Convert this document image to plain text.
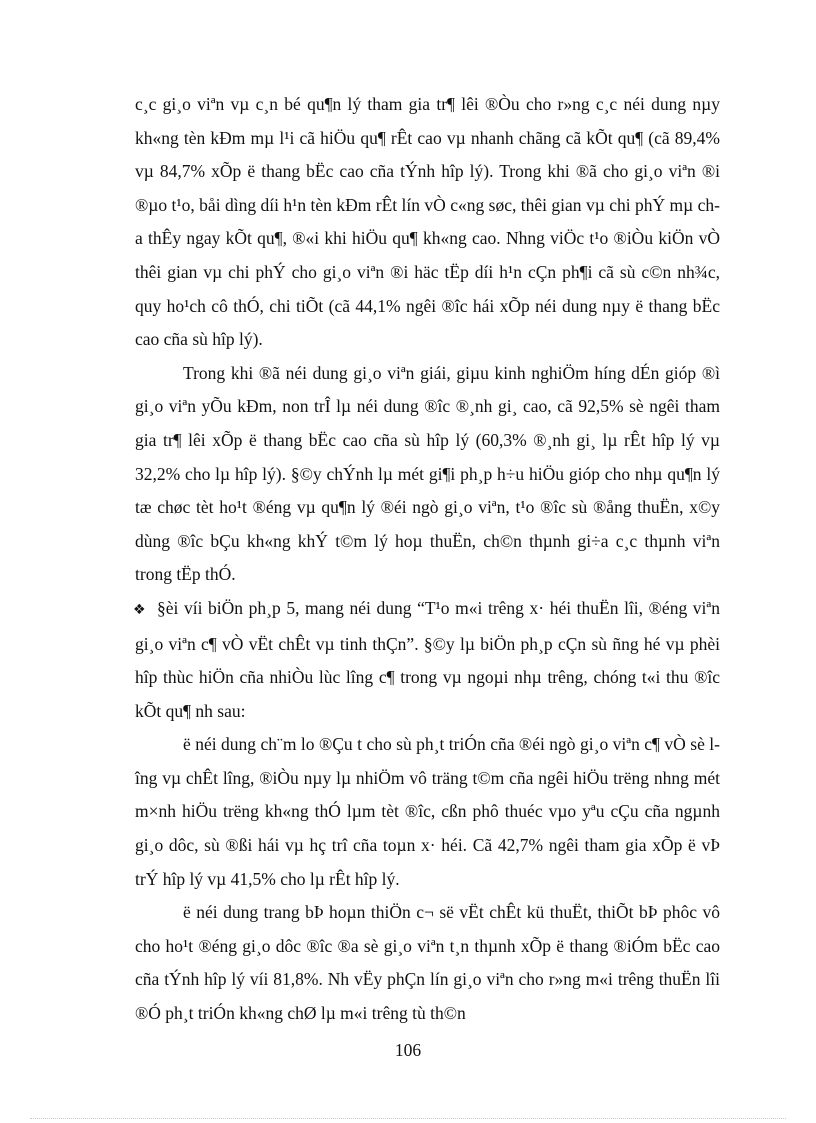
c¸c gi¸o viªn vµ c¸n bé qu¶n lý tham gia tr¶ lêi ®Òu cho r»ng c¸c néi dung nµy kh«ng tèn kÐm mµ l¹i cã hiÖu qu¶ rÊt cao vµ nhanh chãng cã kÕt qu¶ (cã 89,4% vµ 84,7% xÕp ë thang bËc cao cña tÝnh hîp lý). Trong khi ®ã cho gi¸o viªn ®i ®µo t¹o, båi dìng díi h¹n tèn kÐm rÊt lín vÒ c«ng søc, thêi gian vµ chi phÝ mµ cha thÊy ngay kÕt qu¶, ®«i khi hiÖu qu¶ kh«ng cao. Nhng viÖc t¹o ®iÒu kiÖn vÒ thêi gian vµ chi phÝ cho gi¸o viªn ®i häc tËp díi h¹n cÇn ph¶i cã sù c©n nh¾c, quy ho¹ch cô thÓ, chi tiÕt (cã 44,1% ngêi ®îc hái xÕp néi dung nµy ë thang bËc cao cña sù hîp lý).

Trong khi ®ã néi dung gi¸o viªn giái, giµu kinh nghiÖm híng dÉn gióp ®ì gi¸o viªn yÕu kÐm, non trÎ lµ néi dung ®îc ®¸nh gi¸ cao, cã 92,5% sè ngêi tham gia tr¶ lêi xÕp ë thang bËc cao cña sù hîp lý (60,3% ®¸nh gi¸ lµ rÊt hîp lý vµ 32,2% cho lµ hîp lý). §©y chÝnh lµ mét gi¶i ph¸p h÷u hiÖu gióp cho nhµ qu¶n lý tæ chøc tèt ho¹t ®éng vµ qu¶n lý ®éi ngò gi¸o viªn, t¹o ®îc sù ®ång thuËn, x©y dùng ®îc bÇu kh«ng khÝ t©m lý hoµ thuËn, ch©n thµnh gi÷a c¸c thµnh viªn trong tËp thÓ.

❖ §èi víi biÖn ph¸p 5, mang néi dung “T¹o m«i trêng x· héi thuËn lîi, ®éng viªn gi¸o viªn c¶ vÒ vËt chÊt vµ tinh thÇn”. §©y lµ biÖn ph¸p cÇn sù ñng hé vµ phèi hîp thùc hiÖn cña nhiÒu lùc lîng c¶ trong vµ ngoµi nhµ trêng, chóng t«i thu ®îc kÕt qu¶ nh sau:

ë néi dung ch¨m lo ®Çu t cho sù ph¸t triÓn cña ®éi ngò gi¸o viªn c¶ vÒ sè lîng vµ chÊt lîng, ®iÒu nµy lµ nhiÖm vô träng t©m cña ngêi hiÖu trëng nhng mét m×nh hiÖu trëng kh«ng thÓ lµm tèt ®îc, cßn phô thuéc vµo yªu cÇu cña ngµnh gi¸o dôc, sù ®ßi hái vµ hç trî cña toµn x· héi. Cã 42,7% ngêi tham gia xÕp ë vÞ trÝ hîp lý vµ 41,5% cho lµ rÊt hîp lý.

ë néi dung trang bÞ hoµn thiÖn c¬ së vËt chÊt kü thuËt, thiÕt bÞ phôc vô cho ho¹t ®éng gi¸o dôc ®îc ®a sè gi¸o viªn t¸n thµnh xÕp ë thang ®iÓm bËc cao cña tÝnh hîp lý víi 81,8%. Nh vËy phÇn lín gi¸o viªn cho r»ng m«i trêng thuËn lîi ®Ó ph¸t triÓn kh«ng chØ lµ m«i trêng tù th©n

106
